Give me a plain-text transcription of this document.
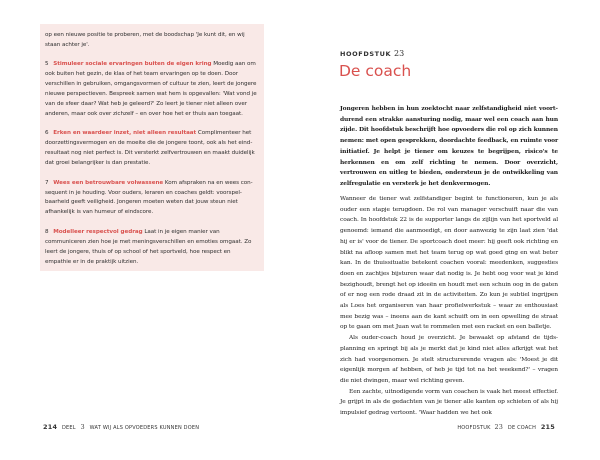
op een nieuwe positie te proberen, met de boodschap 'Je kunt dit, en wij staan achter je'.

5 Stimuleer sociale ervaringen buiten de eigen kring Moedig aan om ook buiten het gezin, de klas of het team ervaringen op te doen. Door verschillen in gebruiken, omgangsvormen of cultuur te zien, leert de jongere nieuwe perspectieven. Bespreek samen wat hem is opgevallen: 'Wat vond je van de sfeer daar? Wat heb je geleerd?' Zo leert je tiener niet alleen over anderen, maar ook over zichzelf – en over hoe het er thuis aan toegaat.

6 Erken en waardeer inzet, niet alleen resultaat Complimenteer het doorzettingsvermogen en de moeite die de jongere toont, ook als het eindresultaat nog niet perfect is. Dit versterkt zelfvertrouwen en maakt duidelijk dat groei belangrijker is dan prestatie.

7 Wees een betrouwbare volwassene Kom afspraken na en wees consequent in je houding. Voor ouders, leraren en coaches geldt: voorspelbaarheid geeft veiligheid. Jongeren moeten weten dat jouw steun niet afhankelijk is van humeur of eindscore.

8 Modelleer respectvol gedrag Laat in je eigen manier van communiceren zien hoe je met meningsverschillen en emoties omgaat. Zo leert de jongere, thuis of op school of het sportveld, hoe respect en empathie er in de praktijk uitzien.

214 DEEL 3 WAT WIJ ALS OPVOEDERS KUNNEN DOEN
HOOFDSTUK 23
De coach

Jongeren hebben in hun zoektocht naar zelfstandigheid niet voortdurend een strakke aansturing nodig, maar wel een coach aan hun zijde. Dit hoofdstuk beschrijft hoe opvoeders die rol op zich kunnen nemen: met open gesprekken, doordachte feedback, en ruimte voor initiatief. Je helpt je tiener om keuzes te begrijpen, risico's te herkennen en om zelf richting te nemen. Door overzicht, vertrouwen en uitleg te bieden, ondersteun je de ontwikkeling van zelfregulatie en versterk je het denkvermogen.

Wanneer de tiener wat zelfstandiger begint te functioneren, kun je als ouder een stapje terugdoen. De rol van manager verschuift naar die van coach. In hoofdstuk 22 is de supporter langs de zijlijn van het sportveld al genoemd: iemand die aanmoedigt, en door aanwezig te zijn laat zien 'dat hij er is' voor de tiener. De sportcoach doet meer: hij geeft ook richting en blikt na afloop samen met het team terug op wat goed ging en wat beter kan. In de thuissituatie betekent coachen vooral: meedenken, suggesties doen en zachtjes bijsturen waar dat nodig is. Je hebt oog voor wat je kind bezighoudt, brengt het op ideeën en houdt met een schuin oog in de gaten of er nog een rode draad zit in de activiteiten. Zo kun je subtiel ingrijpen als Loes het organiseren van haar profielwerkstuk – waar ze enthousiast mee bezig was – ineens aan de kant schuift om in een opwelling de straat op te gaan om met Juan wat te rommelen met een racket en een balletje.

Als ouder-coach houd je overzicht. Je bewaakt op afstand de tijdsplanning en springt bij als je merkt dat je kind niet alles afkrijgt wat het zich had voorgenomen. Je stelt structurerende vragen als: 'Moest je dit eigenlijk morgen af hebben, of heb je tijd tot na het weekend?' – vragen die niet dwingen, maar wel richting geven.

Een zachte, uitnodigende vorm van coachen is vaak het meest effectief. Je grijpt in als de gedachten van je tiener alle kanten op schieten of als hij impulsief gedrag vertoont. 'Waar hadden we het ook

HOOFDSTUK 23 DE COACH 215
